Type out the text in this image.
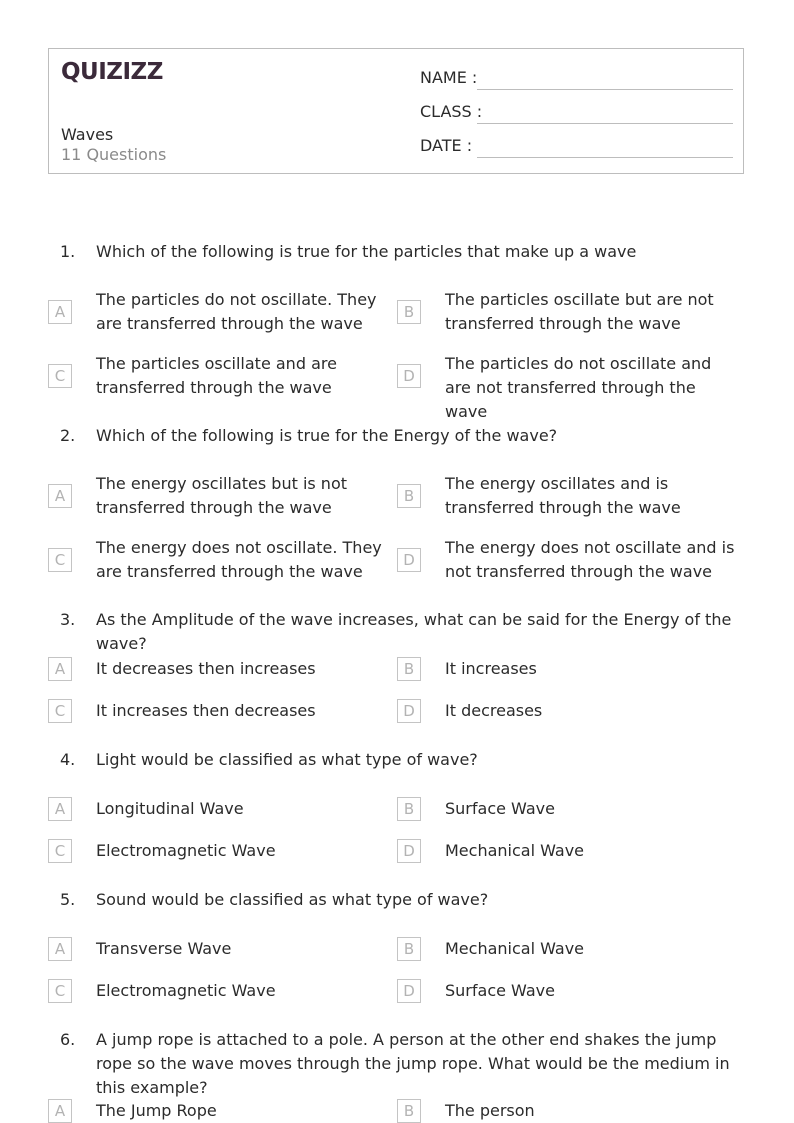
QUIZIZZ
Waves
11 Questions
NAME :
CLASS :
DATE :
1. Which of the following is true for the particles that make up a wave
A
The particles do not oscillate. They are transferred through the wave
B
The particles oscillate but are not transferred through the wave
C
The particles oscillate and are transferred through the wave
D
The particles do not oscillate and are not transferred through the wave
2. Which of the following is true for the Energy of the wave?
A
The energy oscillates but is not transferred through the wave
B
The energy oscillates and is transferred through the wave
C
The energy does not oscillate. They are transferred through the wave
D
The energy does not oscillate and is not transferred through the wave
3. As the Amplitude of the wave increases, what can be said for the Energy of the wave?
A	It decreases then increases	B	It increases
C	It increases then decreases	D	It decreases
4. Light would be classified as what type of wave?
A	Longitudinal Wave	B	Surface Wave
C	Electromagnetic Wave	D	Mechanical Wave
5. Sound would be classified as what type of wave?
A	Transverse Wave	B	Mechanical Wave
C	Electromagnetic Wave	D	Surface Wave
6. A jump rope is attached to a pole. A person at the other end shakes the jump rope so the wave moves through the jump rope. What would be the medium in this example?
A	The Jump Rope	B	The person
